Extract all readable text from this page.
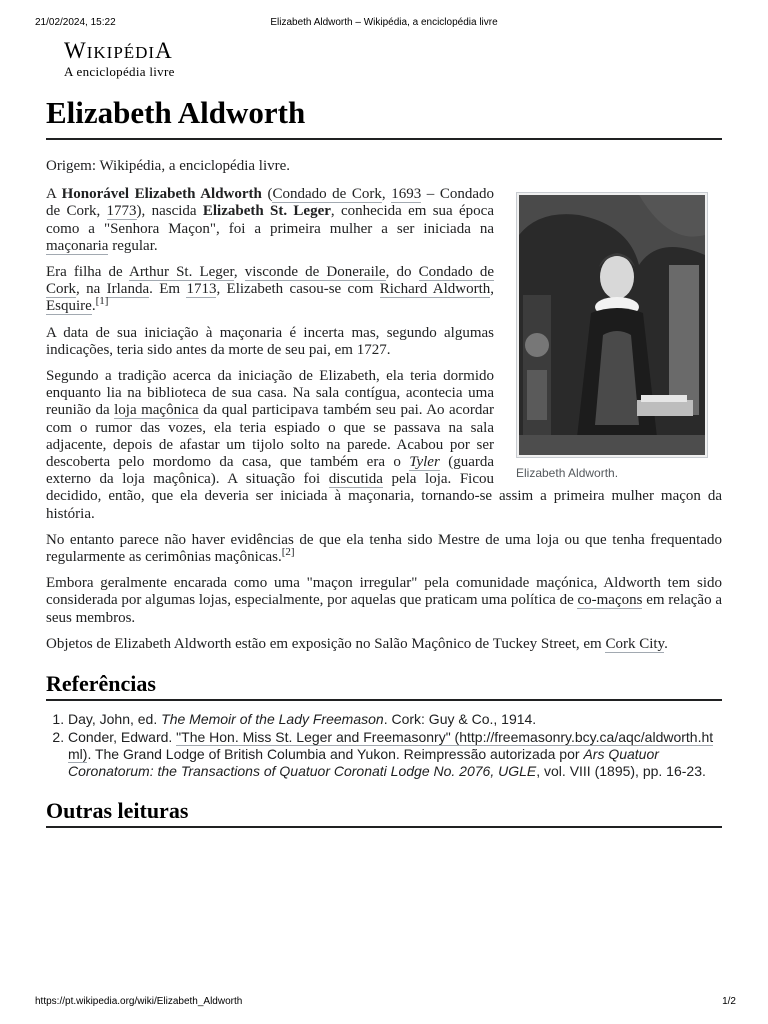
21/02/2024, 15:22	Elizabeth Aldworth – Wikipédia, a enciclopédia livre
WIKIPÉDIA
A enciclopédia livre
Elizabeth Aldworth

Origem: Wikipédia, a enciclopédia livre.

Elizabeth Aldworth.

A Honorável Elizabeth Aldworth (Condado de Cork, 1693 – Condado de Cork, 1773), nascida Elizabeth St. Leger, conhecida em sua época como a "Senhora Maçon", foi a primeira mulher a ser iniciada na maçonaria regular.

Era filha de Arthur St. Leger, visconde de Doneraile, do Condado de Cork, na Irlanda. Em 1713, Elizabeth casou-se com Richard Aldworth, Esquire.[1]

A data de sua iniciação à maçonaria é incerta mas, segundo algumas indicações, teria sido antes da morte de seu pai, em 1727.

Segundo a tradição acerca da iniciação de Elizabeth, ela teria dormido enquanto lia na biblioteca de sua casa. Na sala contígua, acontecia uma reunião da loja maçônica da qual participava também seu pai. Ao acordar com o rumor das vozes, ela teria espiado o que se passava na sala adjacente, depois de afastar um tijolo solto na parede. Acabou por ser descoberta pelo mordomo da casa, que também era o Tyler (guarda externo da loja maçônica). A situação foi discutida pela loja. Ficou decidido, então, que ela deveria ser iniciada à maçonaria, tornando-se assim a primeira mulher maçon da história.

No entanto parece não haver evidências de que ela tenha sido Mestre de uma loja ou que tenha frequentado regularmente as cerimônias maçônicas.[2]

Embora geralmente encarada como uma "maçon irregular" pela comunidade maçónica, Aldworth tem sido considerada por algumas lojas, especialmente, por aquelas que praticam uma política de co-maçons em relação a seus membros.

Objetos de Elizabeth Aldworth estão em exposição no Salão Maçônico de Tuckey Street, em Cork City.

Referências
1. Day, John, ed. The Memoir of the Lady Freemason. Cork: Guy & Co., 1914.
2. Conder, Edward. "The Hon. Miss St. Leger and Freemasonry" (http://freemasonry.bcy.ca/aqc/aldworth.html). The Grand Lodge of British Columbia and Yukon. Reimpressão autorizada por Ars Quatuor Coronatorum: the Transactions of Quatuor Coronati Lodge No. 2076, UGLE, vol. VIII (1895), pp. 16-23.
Outras leituras
https://pt.wikipedia.org/wiki/Elizabeth_Aldworth	1/2
